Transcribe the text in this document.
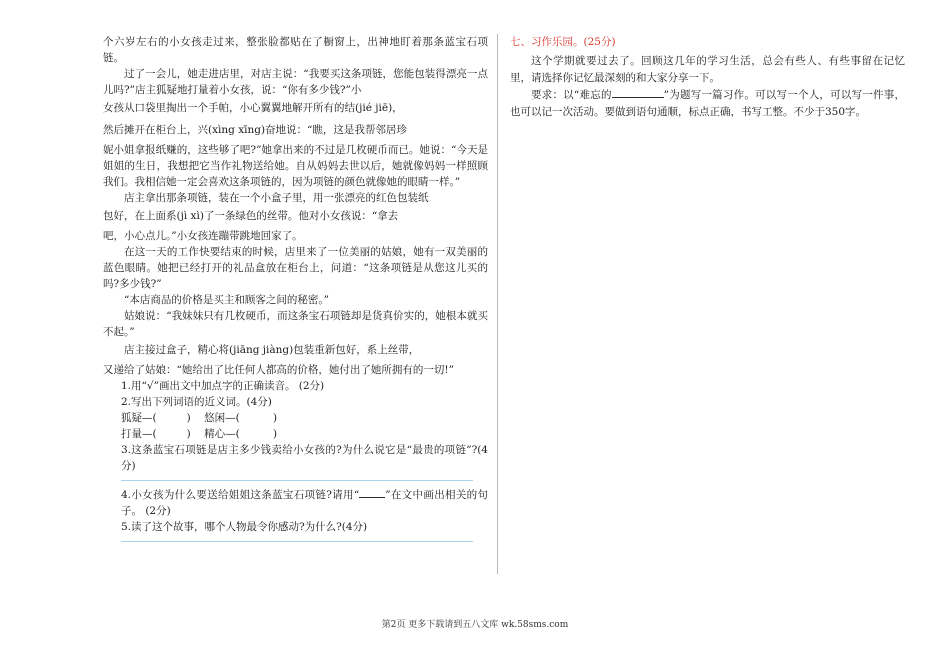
个六岁左右的小女孩走过来，整张脸都贴在了橱窗上，出神地盯着那条蓝宝石项链。

过了一会儿，她走进店里，对店主说：“我要买这条项链，您能包装得漂亮一点儿吗?”店主狐疑地打量着小女孩，说：“你有多少钱?”小

女孩从口袋里掏出一个手帕，小心翼翼地解开所有的结(jié jiē)，

然后摊开在柜台上，兴(xìng xīng)奋地说：“瞧，这是我帮邻居珍

妮小姐拿报纸赚的，这些够了吧?”她拿出来的不过是几枚硬币而已。她说：“今天是姐姐的生日，我想把它当作礼物送给她。自从妈妈去世以后，她就像妈妈一样照顾我们。我相信她一定会喜欢这条项链的，因为项链的颜色就像她的眼睛一样。”

店主拿出那条项链，装在一个小盒子里，用一张漂亮的红色包装纸

包好，在上面系(jì xì)了一条绿色的丝带。他对小女孩说：“拿去

吧，小心点儿。”小女孩连蹦带跳地回家了。

在这一天的工作快要结束的时候，店里来了一位美丽的姑娘，她有一双美丽的蓝色眼睛。她把已经打开的礼品盒放在柜台上，问道：“这条项链是从您这儿买的吗?多少钱?”

“本店商品的价格是买主和顾客之间的秘密。”

姑娘说：“我妹妹只有几枚硬币，而这条宝石项链却是货真价实的，她根本就买不起。”

店主接过盒子，精心将(jiāng jiàng)包装重新包好，系上丝带，

又递给了姑娘：“她给出了比任何人都高的价格，她付出了她所拥有的一切!”

1.用“√”画出文中加点字的正确读音。 (2分)

2.写出下列词语的近义词。(4分)

狐疑—(         )    悠闲—(          )

打量—(         )    精心—(          )

3.这条蓝宝石项链是店主多少钱卖给小女孩的?为什么说它是“最贵的项链”?(4分)

4.小女孩为什么要送给姐姐这条蓝宝石项链?请用“ ”在文中画出相关的句子。 (2分)

5.读了这个故事，哪个人物最令你感动?为什么?(4分)

七、习作乐园。(25分)

这个学期就要过去了。回顾这几年的学习生活，总会有些人、有些事留在记忆里，请选择你记忆最深刻的和大家分享一下。

要求：以“难忘的	”为题写一篇习作。可以写一个人，可以写一件事，也可以记一次活动。要做到语句通顺，标点正确，书写工整。不少于350字。

第2页 更多下载请到五八文库 wk.58sms.com
